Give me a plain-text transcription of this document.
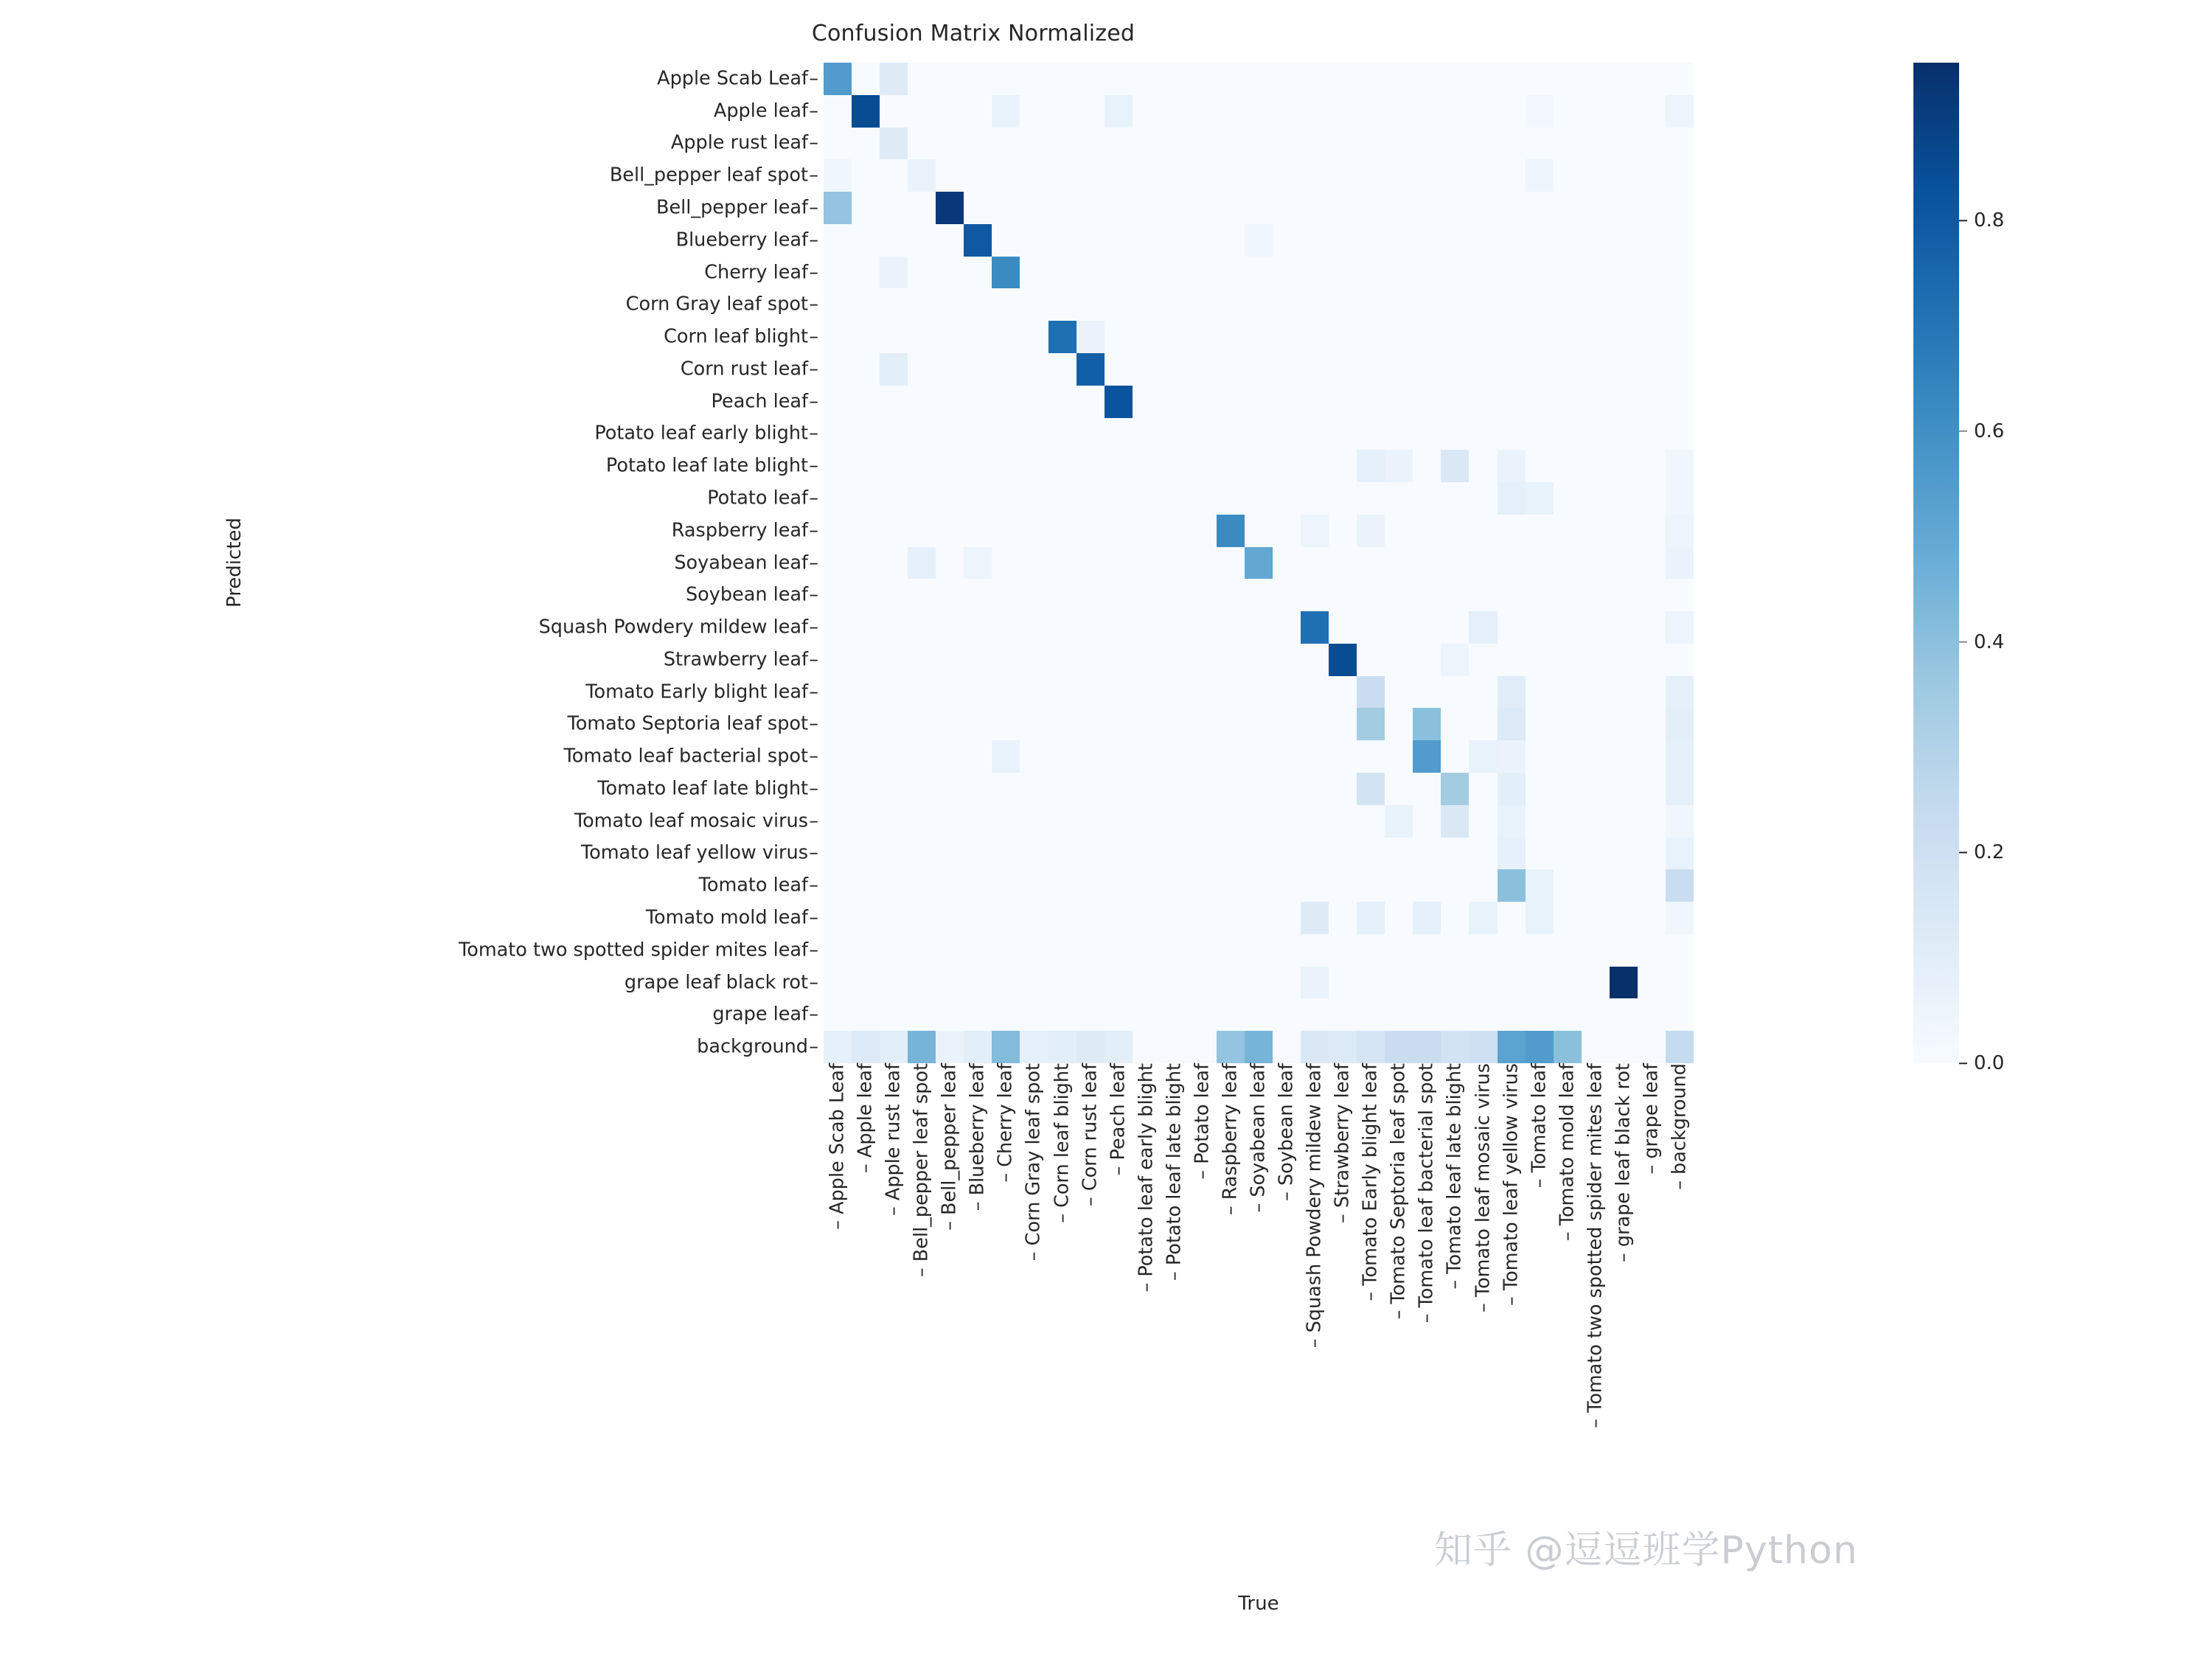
Confusion Matrix Normalized
Predicted
True
Apple Scab Leaf –
Apple leaf –
Apple rust leaf –
Bell_pepper leaf spot –
Bell_pepper leaf –
Blueberry leaf –
Cherry leaf –
Corn Gray leaf spot –
Corn leaf blight –
Corn rust leaf –
Peach leaf –
Potato leaf early blight –
Potato leaf late blight –
Potato leaf –
Raspberry leaf –
Soyabean leaf –
Soybean leaf –
Squash Powdery mildew leaf –
Strawberry leaf –
Tomato Early blight leaf –
Tomato Septoria leaf spot –
Tomato leaf bacterial spot –
Tomato leaf late blight –
Tomato leaf mosaic virus –
Tomato leaf yellow virus –
Tomato leaf –
Tomato mold leaf –
Tomato two spotted spider mites leaf –
grape leaf black rot –
grape leaf –
background –
– Apple Scab Leaf – Apple leaf – Apple rust leaf – Bell_pepper leaf spot – Bell_pepper leaf – Blueberry leaf – Cherry leaf – Corn Gray leaf spot – Corn leaf blight – Corn rust leaf – Peach leaf – Potato leaf early blight – Potato leaf late blight – Potato leaf – Raspberry leaf – Soyabean leaf – Soybean leaf – Squash Powdery mildew leaf – Strawberry leaf – Tomato Early blight leaf – Tomato Septoria leaf spot – Tomato leaf bacterial spot – Tomato leaf late blight – Tomato leaf mosaic virus – Tomato leaf yellow virus – Tomato leaf – Tomato mold leaf – Tomato two spotted spider mites leaf – grape leaf black rot – grape leaf – background	0.0
0.2
0.4
0.6
0.8
知乎 @逗逗班学Python
